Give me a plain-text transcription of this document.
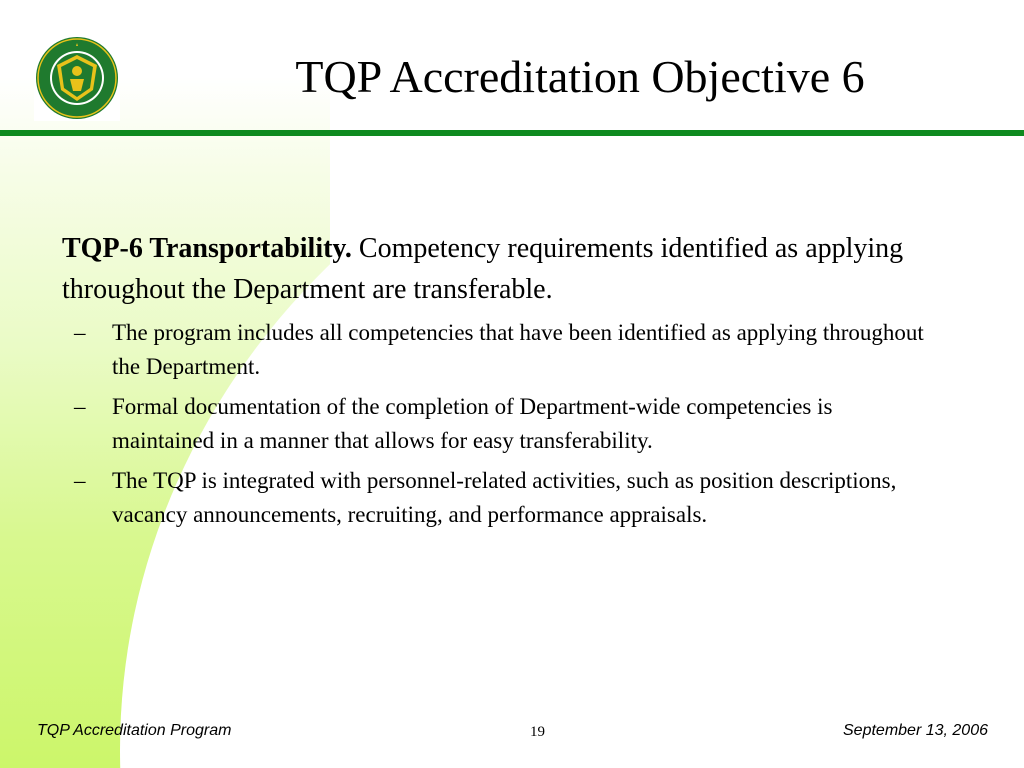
TQP Accreditation Objective 6

TQP-6 Transportability. Competency requirements identified as applying throughout the Department are transferable.

– The program includes all competencies that have been identified as applying throughout the Department.
– Formal documentation of the completion of Department-wide competencies is maintained in a manner that allows for easy transferability.
– The TQP is integrated with personnel-related activities, such as position descriptions, vacancy announcements, recruiting, and performance appraisals.
TQP Accreditation Program	19	September 13, 2006
